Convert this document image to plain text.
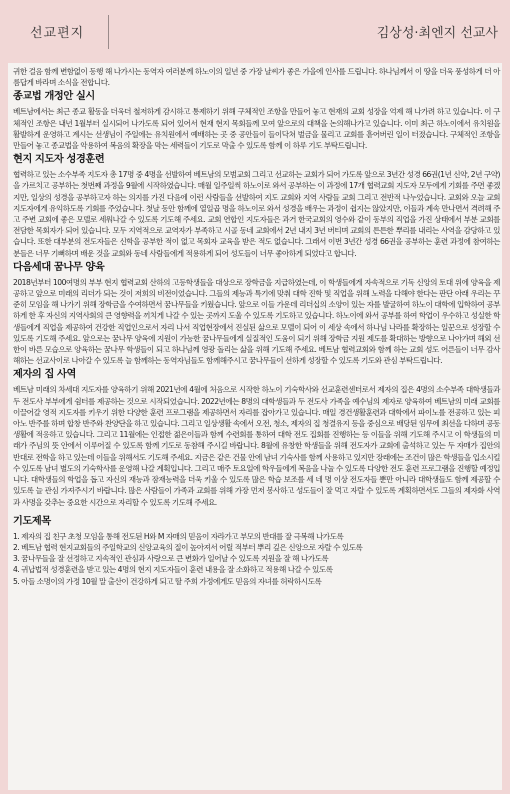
선교편지	김상성·최엔지 선교사

귀한 걸음 함께 변함없이 동행 해 나가시는 동역자 여러분께 하노이의 일년 중 가장 날씨가 좋은 가을에 인사를 드립니다. 하나님께서 이 땅을 더욱 풍성하게 더 아름답게 바라며 소식을 전합니다.

종교법 개정안 실시

베트남에서는 최근 종교 활동을 더욱더 철저하게 감시하고 통제하기 위해 구체적인 조항을 만들어 놓고 현재의 교회 성장을 억제 해 나가려 하고 있습니다. 이 구체적인 조항은 내년 1월부터 실시되어 나가도록 되어 있어서 현재 현지 목회들께 모여 앞으로의 대책을 논의해나가고 있습니다. 이미 최근 하노이에서 유치원을 활발하게 운영하고 계시는 선생님이 주일에는 유치원에서 예배하는 곳 중 공안들이 들이닥쳐 벌금을 물리고 교회를 흩어버린 일이 터졌습니다. 구체적인 조항을 만들어 놓고 종교법을 악용하여 복음의 확장을 막는 세력들이 기도로 막출 수 있도록 함께 이 하루 기도 부탁드립니다.

현지 지도자 성경훈련

협력하고 있는 소수부족 지도자 총 17명 중 4명을 선발하여 베트남의 모범교회 그리고 선교하는 교회가 되어 가도록 앞으로 3년간 성경 66권(1년 신약, 2년 구약)을 가르치고 공부하는 첫번째 과정을 9월에 시작하였습니다. 매월 일주일씩 하노이로 와서 공부하는 이 과정에 17개 협력교회 지도자 모두에게 기회를 주면 좋겠지만, 일상의 성경을 공부하고자 하는 의지를 가진 다음에 이런 사람들을 선발하여 지도 교회와 지역 사람들 교회 그리고 전반적 나누었습니다. 교회와 오늘 교회 지도자에게 유익하도록 기회를 주었습니다. 첫날 동안 함께에 열일곱 명을 하노이로 와서 성경을 배우는 과정이 쉽지는 않았지만, 이들과 계속 만나면서 격려해 주고 주변 교회에 좋은 모델로 세워나갈 수 있도록 기도해 주세요. 교회 연합인 지도자들은 과거 한국교회의 영수와 같이 동부의 직업을 가진 상태에서 부분 교회를 전담한 목회자가 되어 있습니다. 모두 지역적으로 교역자가 부족하고 시골 동네 교회에서 2년 내지 3년 버티며 교회의 튼튼한 뿌리를 내리는 사역을 감당하고 있습니다. 또한 대부분의 전도자들은 신학을 공부한 적이 없고 목회자 교육을 받은 적도 없습니다. 그래서 이번 3년간 성경 66권을 공부하는 훈련 과정에 참여하는 분들은 너무 기뻐하며 배운 것을 교회와 동네 사람들에게 적용하게 되어 성도들이 너무 좋아하게 되었다고 합니다.

다음세대 꿈나무 양육

2018년부터 100여명의 부부 현지 협력교회 산하의 고등학생들을 대상으로 장학금을 지급하였는데, 이 학생들에게 자속적으로 기독 신앙의 토대 위에 양육을 제공하고 앞으로 미래의 리더가 되는 것이 저희의 비전이었습니다. 그들의 제능과 특기에 맞춰 대학 진학 및 직업을 위해 노력을 다해야 한다는 판단 아래 우리는 꾸준히 모임을 해 나가기 위해 장학금을 수여하면서 꿈나무들을 키웠습니다. 앞으로 이들 가운데 리더십의 소양이 있는 자를 발굴하여 하노이 대학에 입학하여 공부하게 한 후 자신의 지역사회의 큰 영향력을 끼치게 나갈 수 있는 곳까지 도울 수 있도록 기도하고 있습니다. 하노이에 와서 공부를 하여 학업이 우수하고 성실한 학생들에게 직업을 제공하여 건강한 직업인으로서 자리 나서 직업현장에서 진실된 삶으로 모델이 되어 이 세상 속에서 하나님 나라를 확장하는 일꾼으로 성장할 수 있도록 기도해 주세요. 앞으로는 꿈나무 양육에 지원이 가능한 꿈나무들에게 실질적인 도움이 되기 위해 장학금 지원 제도를 확대하는 방향으로 나아가며 해외 선한이 바른 모습으로 양육하는 꿈나무 학생들이 되고 하나님께 영광 돌리는 삶을 위해 기도해 주세요. 베트남 협력교회와 함께 하는 교회 성도 어른들이 너무 감사해하는 선교사이로 나아갈 수 있도록 늘 함께하는 동역자님들도 함께해주시고 꿈나무들이 선하게 성장할 수 있도록 기도와 관심 부탁드립니다.

제자의 집 사역

베트남 미래의 차세대 지도자를 양육하기 위해 2021년에 4월에 처음으로 시작한 하노이 기숙학사와 선교훈련센터로서 제자의 집은 4명의 소수부족 대학생들과 두 전도사 부부에게 쉼터를 제공하는 것으로 시작되었습니다. 2022년에는 8명의 대학생들과 두 전도사 가족을 예수님의 제자로 양육하여 베트남의 미래 교회를 이끌어갈 영적 지도자를 키우기 위한 다양한 훈련 프로그램을 제공하면서 자리를 잡아가고 있습니다. 매일 경건생활훈련과 대학에서 파이노를 전공하고 있는 피아노 반주를 하며 합창 반주와 찬양단을 하고 있습니다. 그리고 일상생활 속에서 오전, 청소, 제자의 집 청결유지 등을 중심으로 배당된 임무에 최선을 다하며 공동생활에 적응하고 있습니다. 그리고 11월에는 인접한 젊은이들과 함께 수련회를 통하여 대학 전도 집회를 진행하는 등 이들을 위해 기도해 주시고 이 학생들의 미래가 주님의 뜻 안에서 이루어질 수 있도록 함께 기도로 동참해 주시길 바랍니다. 8월에 유창한 학생들을 위해 전도자가 교회에 출석하고 있는 두 자매가 집안의 반대로 전학을 하고 있는데 이들을 위해서도 기도해 주세요. 지금은 같은 건물 안에 남녀 기숙사를 함께 사용하고 있지만 장래에는 조건이 많은 학생들을 입소시킬 수 있도록 남녀 별도의 기숙학사를 운영해 나갈 계획입니다. 그리고 매주 토요일에 학우들에게 복음을 나눌 수 있도록 다양한 전도 훈련 프로그램을 진행할 예정입니다. 대학생들의 학업을 돕고 자신의 재능과 잠재능력을 더욱 키울 수 있도록 많은 학습 보조를 세 네 명 이상 전도자들 뿐만 아니라 대학생들도 함께 제공할 수 있도록 늘 관심 가져주시기 바랍니다. 많은 사람들이 가족과 교회를 위해 가장 먼저 봉사하고 성도들이 잘 먹고 자랄 수 있도록 계획하면서도 그들의 제자화 사역과 사명을 갖추는 중요한 시간으로 자리할 수 있도록 기도해 주세요.

기도제목

1. 제자의 집 친구 초청 모임을 통해 전도된 H와 M 자매의 믿음이 자라가고 부모의 반대를 잘 극복해 나가도록

2. 베트남 협력 현지교회들의 주일학교의 신앙교육의 질이 높아져서 어릴 적부터 뿌리 깊은 신앙으로 자랄 수 있도록

3. 꿈나무들을 잘 선정하고 지속적인 관심과 사랑으로 큰 변화가 일어날 수 있도록 지원을 잘 해 나가도록

4. 귀납법적 성경훈련을 받고 있는 4명의 현지 지도자들이 훈련 내용을 잘 소화하고 적용해 나갈 수 있도록

5. 아들 소명이의 가정 10월 말 출산이 건강하게 되고 딸 주희 가정에게도 믿음의 자녀를 허락하시도록
